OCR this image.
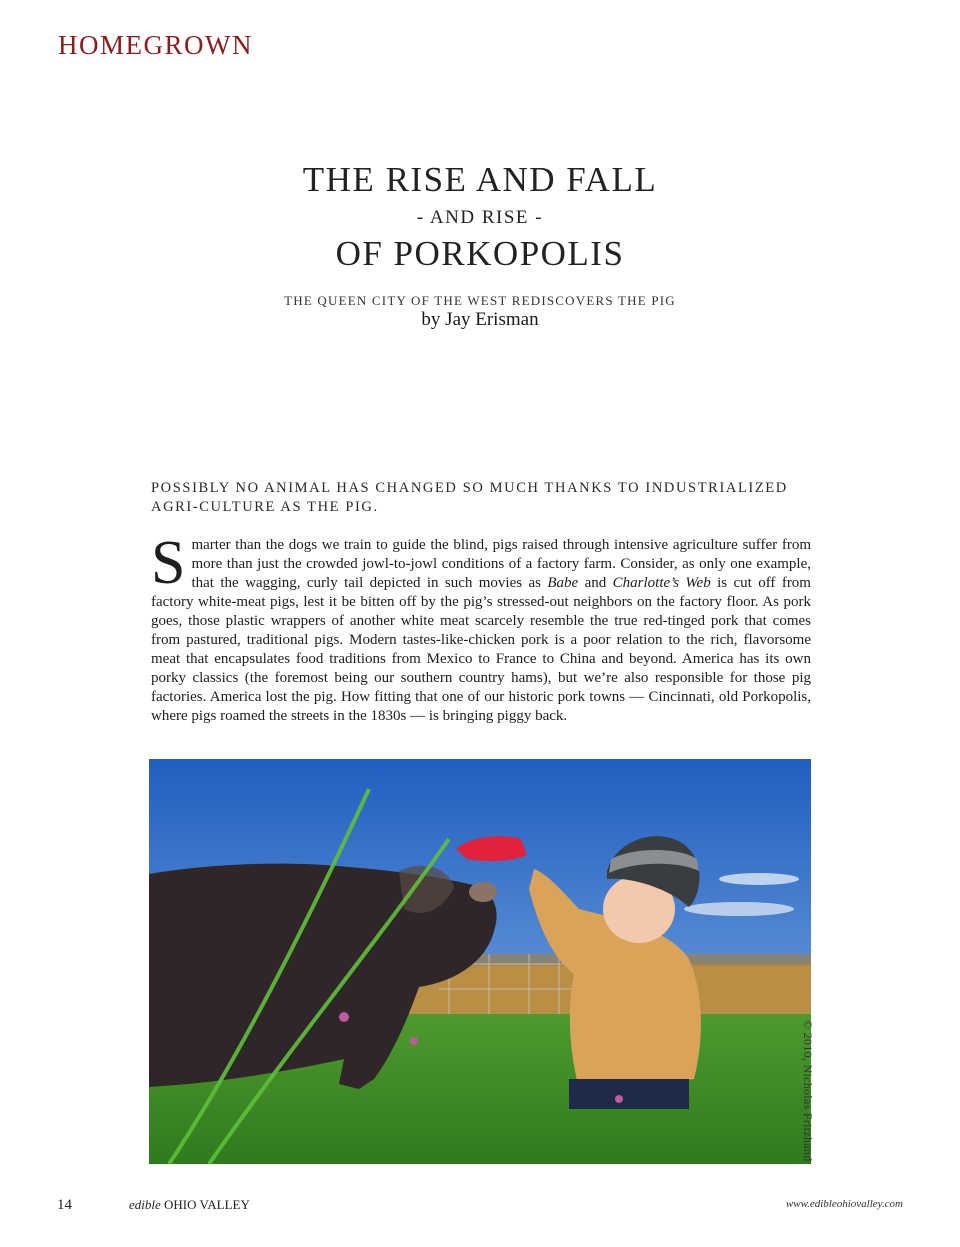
HOMEGROWN
THE RISE AND FALL
- AND RISE -
OF PORKOPOLIS
THE QUEEN CITY OF THE WEST REDISCOVERS THE PIG
by Jay Erisman
POSSIBLY NO ANIMAL HAS CHANGED SO MUCH THANKS TO INDUSTRIALIZED AGRI-CULTURE AS THE PIG.
Smarter than the dogs we train to guide the blind, pigs raised through intensive agriculture suffer from more than just the crowded jowl-to-jowl conditions of a factory farm. Consider, as only one example, that the wagging, curly tail depicted in such movies as Babe and Charlotte’s Web is cut off from factory white-meat pigs, lest it be bitten off by the pig’s stressed-out neighbors on the factory floor. As pork goes, those plastic wrappers of another white meat scarcely resemble the true red-tinged pork that comes from pastured, traditional pigs. Modern tastes-like-chicken pork is a poor relation to the rich, flavorsome meat that encapsulates food traditions from Mexico to France to China and beyond. America has its own porky classics (the foremost being our southern country hams), but we’re also responsible for those pig factories. America lost the pig. How fitting that one of our historic pork towns — Cincinnati, old Porkopolis, where pigs roamed the streets in the 1830s — is bringing piggy back.
© 2010, Nicholas Fritzhand
14	edible OHIO VALLEY	www.edibleohiovalley.com
